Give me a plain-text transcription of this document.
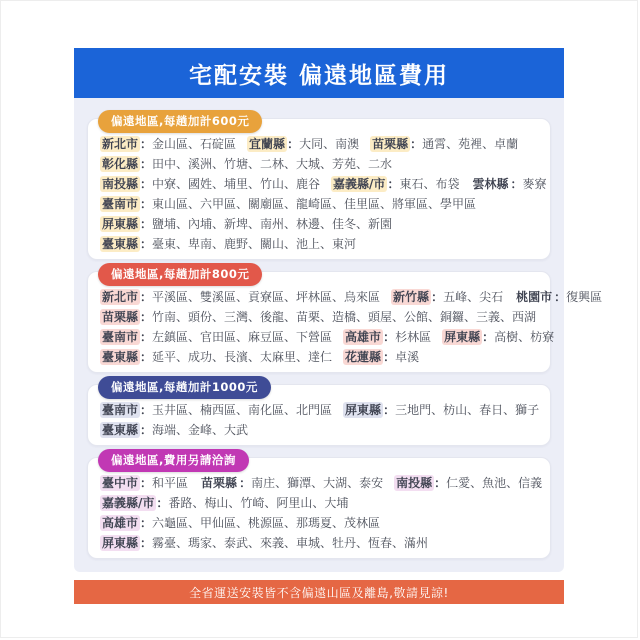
宅配安裝 偏遠地區費用
偏遠地區,每趟加計600元
新北市 ：金山區、石碇區 宜蘭縣 ：大同、南澳 苗栗縣 ：通霄、苑裡、卓蘭
彰化縣 ：田中、溪洲、竹塘、二林、大城、芳苑、二水
南投縣 ：中寮、國姓、埔里、竹山、鹿谷 嘉義縣/市 ：東石、布袋 雲林縣 ：麥寮
臺南市 ：東山區、六甲區、關廟區、龍崎區、佳里區、將軍區、學甲區
屏東縣 ：鹽埔、內埔、新埤、南州、林邊、佳冬、新園
臺東縣 ：臺東、卑南、鹿野、關山、池上、東河
偏遠地區,每趟加計800元
新北市 ：平溪區、雙溪區、貢寮區、坪林區、烏來區 新竹縣 ：五峰、尖石 桃園市 ：復興區
苗栗縣 ：竹南、頭份、三灣、後龍、苗栗、造橋、頭屋、公館、銅鑼、三義、西湖
臺南市 ：左鎮區、官田區、麻豆區、下營區 高雄市 ：杉林區 屏東縣 ：高樹、枋寮
臺東縣 ：延平、成功、長濱、太麻里、達仁 花蓮縣 ：卓溪
偏遠地區,每趟加計1000元
臺南市 ：玉井區、楠西區、南化區、北門區 屏東縣 ：三地門、枋山、春日、獅子
臺東縣 ：海端、金峰、大武
偏遠地區,費用另請洽詢
臺中市 ：和平區 苗栗縣 ：南庄、獅潭、大湖、泰安 南投縣 ：仁愛、魚池、信義
嘉義縣/市 ：番路、梅山、竹崎、阿里山、大埔
高雄市 ：六龜區、甲仙區、桃源區、那瑪夏、茂林區
屏東縣 ：霧臺、瑪家、泰武、來義、車城、牡丹、恆春、滿州
全省運送安裝皆不含偏遠山區及離島,敬請見諒!
